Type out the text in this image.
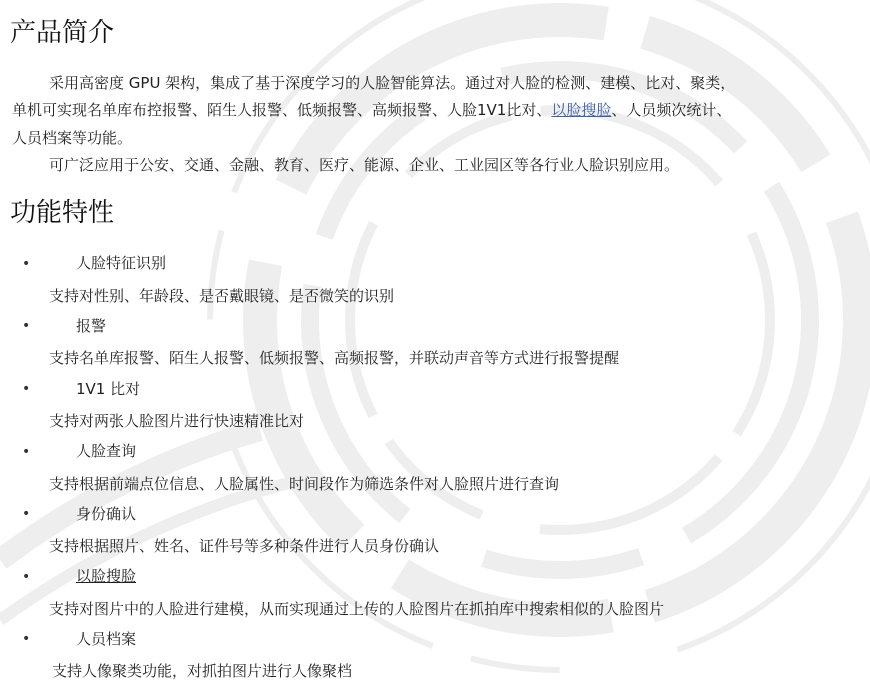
产品简介
采用高密度 GPU 架构，集成了基于深度学习的人脸智能算法。通过对人脸的检测、建模、比对、聚类，
单机可实现名单库布控报警、陌生人报警、低频报警、高频报警、人脸1V1比对、以脸搜脸、人员频次统计、
人员档案等功能。
可广泛应用于公安、交通、金融、教育、医疗、能源、企业、工业园区等各行业人脸识别应用。
功能特性
•	人脸特征识别
支持对性别、年龄段、是否戴眼镜、是否微笑的识别
•	报警
支持名单库报警、陌生人报警、低频报警、高频报警，并联动声音等方式进行报警提醒
•	1V1 比对
支持对两张人脸图片进行快速精准比对
•	人脸查询
支持根据前端点位信息、人脸属性、时间段作为筛选条件对人脸照片进行查询
•	身份确认
支持根据照片、姓名、证件号等多种条件进行人员身份确认
•	以脸搜脸
支持对图片中的人脸进行建模，从而实现通过上传的人脸图片在抓拍库中搜索相似的人脸图片
•	人员档案
支持人像聚类功能，对抓拍图片进行人像聚档
